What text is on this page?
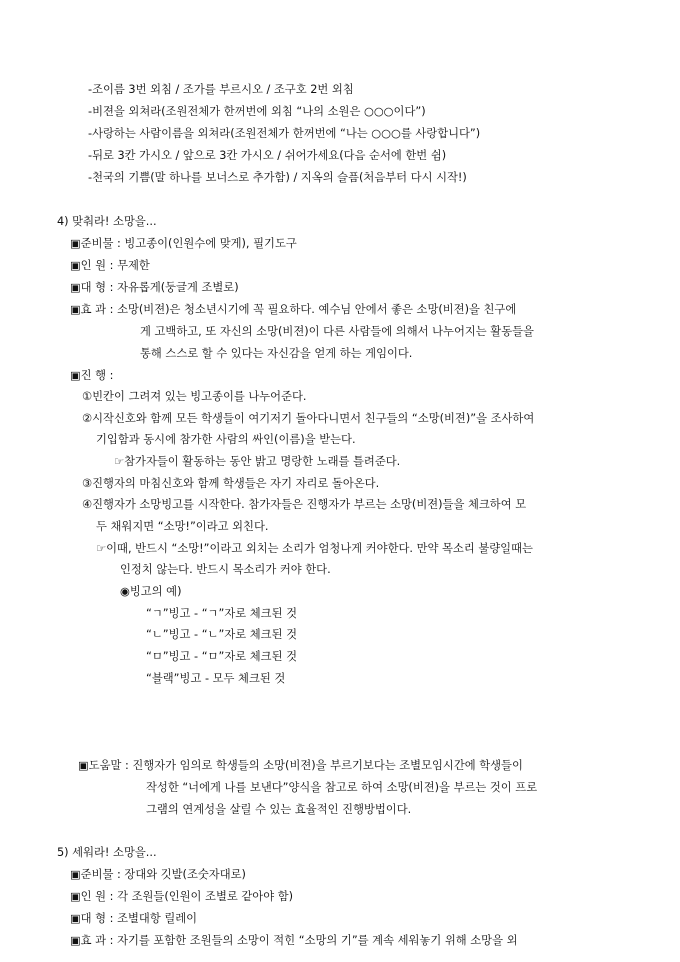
-조이름 3번 외침 / 조가를 부르시오 / 조구호 2번 외침
-비젼을 외쳐라(조원전체가 한꺼번에 외침 “나의 소원은 ○○○이다”)
-사랑하는 사람이름을 외쳐라(조원전체가 한꺼번에 “나는 ○○○를 사랑합니다”)
-뒤로 3칸 가시오 / 앞으로 3칸 가시오 / 쉬어가세요(다음 순서에 한번 쉼)
-천국의 기쁨(말 하나를 보너스로 추가함) / 지옥의 슬픔(처음부터 다시 시작!)
4) 맞춰라! 소망을...
▣준비물 : 빙고종이(인원수에 맞게), 필기도구
▣인 원 : 무제한
▣대 형 : 자유롭게(둥글게 조별로)
▣효 과 : 소망(비젼)은 청소년시기에 꼭 필요하다. 예수님 안에서 좋은 소망(비젼)을 친구에
게 고백하고, 또 자신의 소망(비젼)이 다른 사람들에 의해서 나누어지는 활동들을
통해 스스로 할 수 있다는 자신감을 얻게 하는 게임이다.
▣진 행 :
①빈칸이 그려져 있는 빙고종이를 나누어준다.
②시작신호와 함께 모든 학생들이 여기저기 돌아다니면서 친구들의 “소망(비젼)”을 조사하여
기입함과 동시에 참가한 사람의 싸인(이름)을 받는다.
☞참가자들이 활동하는 동안 밝고 명랑한 노래를 틀려준다.
③진행자의 마침신호와 함께 학생들은 자기 자리로 돌아온다.
④진행자가 소망빙고를 시작한다. 참가자들은 진행자가 부르는 소망(비젼)들을 체크하여 모
두 채워지면 “소망!”이라고 외친다.
☞이때, 반드시 “소망!”이라고 외치는 소리가 엄청나게 커야한다. 만약 목소리 불량일때는
인정치 않는다. 반드시 목소리가 커야 한다.
◉빙고의 예)
“ㄱ”빙고 - “ㄱ”자로 체크된 것
“ㄴ”빙고 - “ㄴ”자로 체크된 것
“ㅁ”빙고 - “ㅁ”자로 체크된 것
“블랙”빙고 - 모두 체크된 것
▣도움말 : 진행자가 임의로 학생들의 소망(비젼)을 부르기보다는 조별모임시간에 학생들이
작성한 “너에게 나를 보낸다”양식을 참고로 하여 소망(비젼)을 부르는 것이 프로
그램의 연계성을 살릴 수 있는 효율적인 진행방법이다.
5) 세워라! 소망을...
▣준비물 : 장대와 깃발(조숫자대로)
▣인 원 : 각 조원들(인원이 조별로 같아야 함)
▣대 형 : 조별대항 릴레이
▣효 과 : 자기를 포함한 조원들의 소망이 적힌 “소망의 기”를 계속 세워놓기 위해 소망을 외
